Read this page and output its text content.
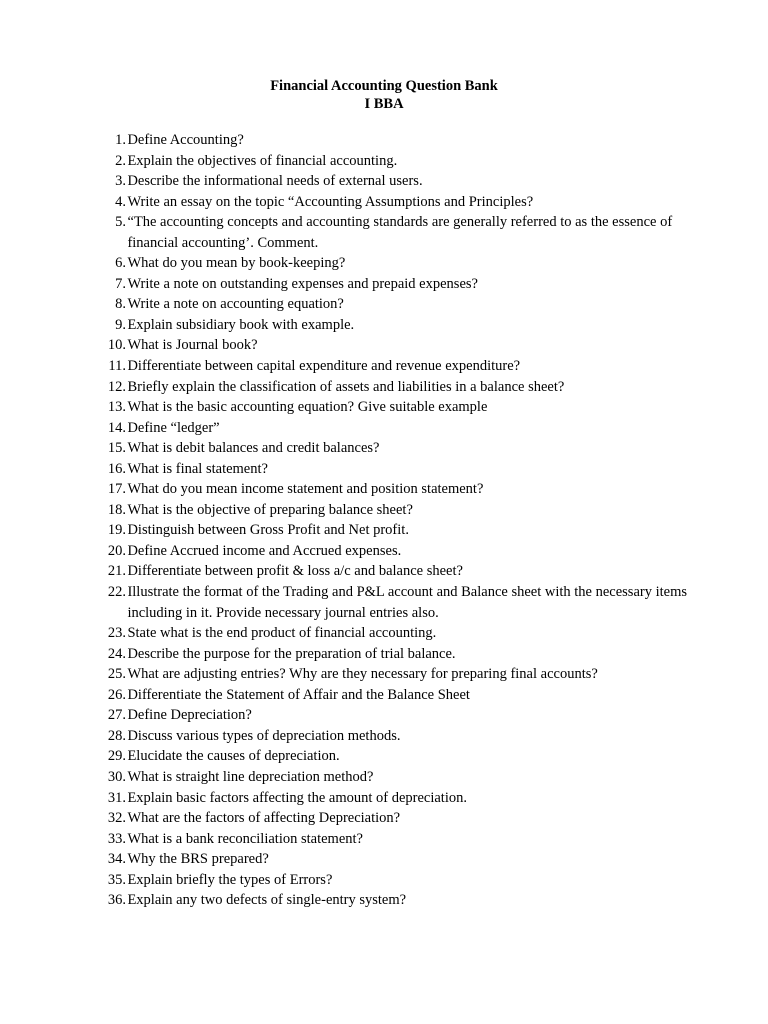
Financial Accounting Question Bank
I BBA
1. Define Accounting?
2. Explain the objectives of financial accounting.
3. Describe the informational needs of external users.
4. Write an essay on the topic “Accounting Assumptions and Principles?
5. “The accounting concepts and accounting standards are generally referred to as the essence of financial accounting’. Comment.
6. What do you mean by book-keeping?
7. Write a note on outstanding expenses and prepaid expenses?
8. Write a note on accounting equation?
9. Explain subsidiary book with example.
10. What is Journal book?
11. Differentiate between capital expenditure and revenue expenditure?
12. Briefly explain the classification of assets and liabilities in a balance sheet?
13. What is the basic accounting equation? Give suitable example
14. Define “ledger”
15. What is debit balances and credit balances?
16. What is final statement?
17. What do you mean income statement and position statement?
18. What is the objective of preparing balance sheet?
19. Distinguish between Gross Profit and Net profit.
20. Define Accrued income and Accrued expenses.
21. Differentiate between profit & loss a/c and balance sheet?
22. Illustrate the format of the Trading and P&L account and Balance sheet with the necessary items including in it. Provide necessary journal entries also.
23. State what is the end product of financial accounting.
24. Describe the purpose for the preparation of trial balance.
25. What are adjusting entries? Why are they necessary for preparing final accounts?
26. Differentiate the Statement of Affair and the Balance Sheet
27. Define Depreciation?
28. Discuss various types of depreciation methods.
29. Elucidate the causes of depreciation.
30. What is straight line depreciation method?
31. Explain basic factors affecting the amount of depreciation.
32. What are the factors of affecting Depreciation?
33. What is a bank reconciliation statement?
34. Why the BRS prepared?
35. Explain briefly the types of Errors?
36. Explain any two defects of single-entry system?
